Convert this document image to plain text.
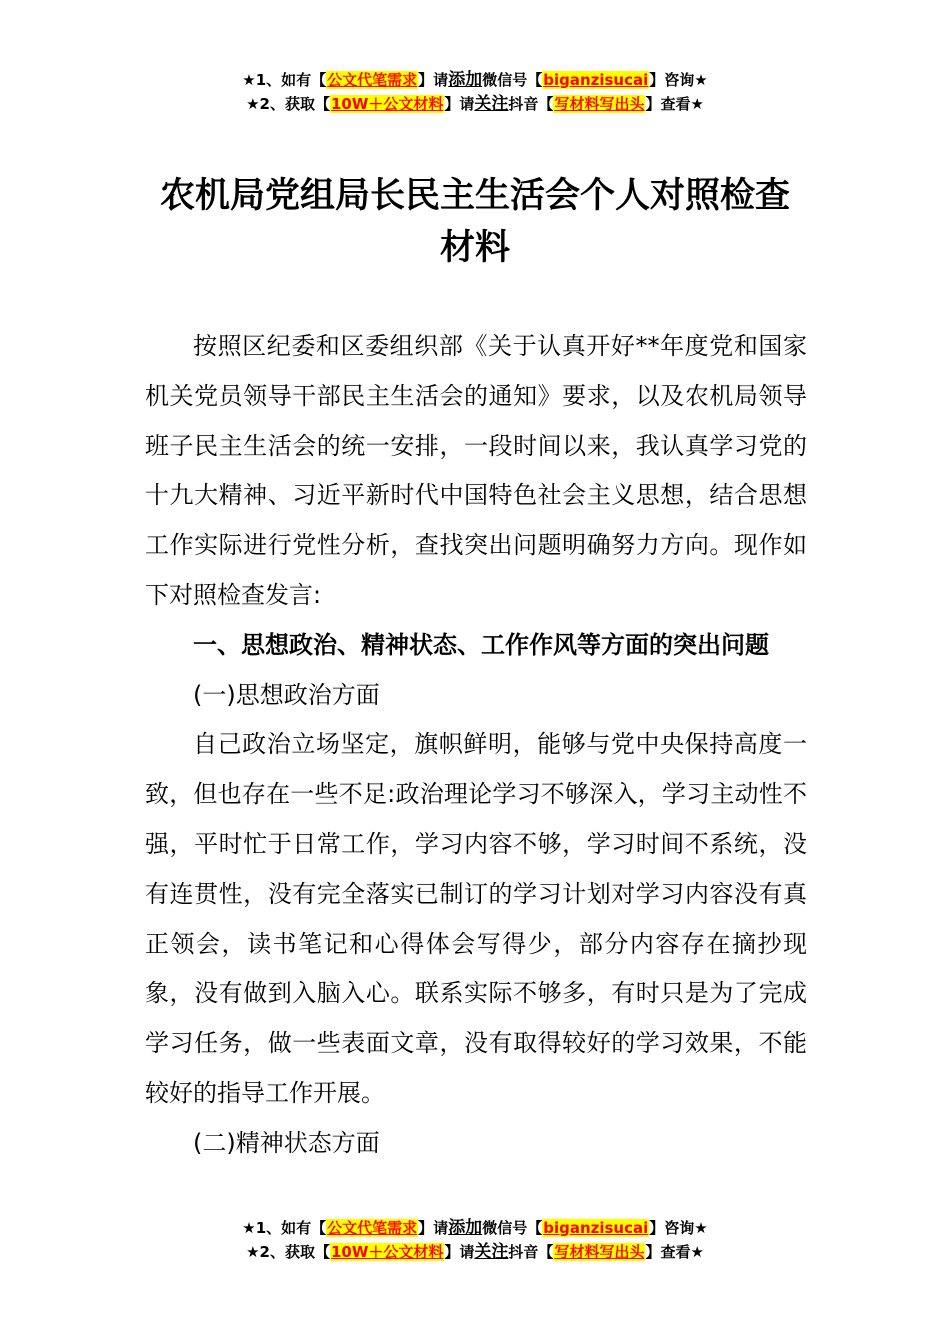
★1、如有【公文代笔需求】请添加微信号【biganzisucai】咨询★
★2、获取【10W＋公文材料】请关注抖音【写材料写出头】查看★
农机局党组局长民主生活会个人对照检查材料

按照区纪委和区委组织部《关于认真开好**年度党和国家机关党员领导干部民主生活会的通知》要求，以及农机局领导班子民主生活会的统一安排，一段时间以来，我认真学习党的十九大精神、习近平新时代中国特色社会主义思想，结合思想工作实际进行党性分析，查找突出问题明确努力方向。现作如下对照检查发言:

一、思想政治、精神状态、工作作风等方面的突出问题

(一)思想政治方面

自己政治立场坚定，旗帜鲜明，能够与党中央保持高度一致，但也存在一些不足:政治理论学习不够深入，学习主动性不强，平时忙于日常工作，学习内容不够，学习时间不系统，没有连贯性，没有完全落实已制订的学习计划对学习内容没有真正领会，读书笔记和心得体会写得少，部分内容存在摘抄现象，没有做到入脑入心。联系实际不够多，有时只是为了完成学习任务，做一些表面文章，没有取得较好的学习效果，不能较好的指导工作开展。

(二)精神状态方面

★1、如有【公文代笔需求】请添加微信号【biganzisucai】咨询★
★2、获取【10W＋公文材料】请关注抖音【写材料写出头】查看★
